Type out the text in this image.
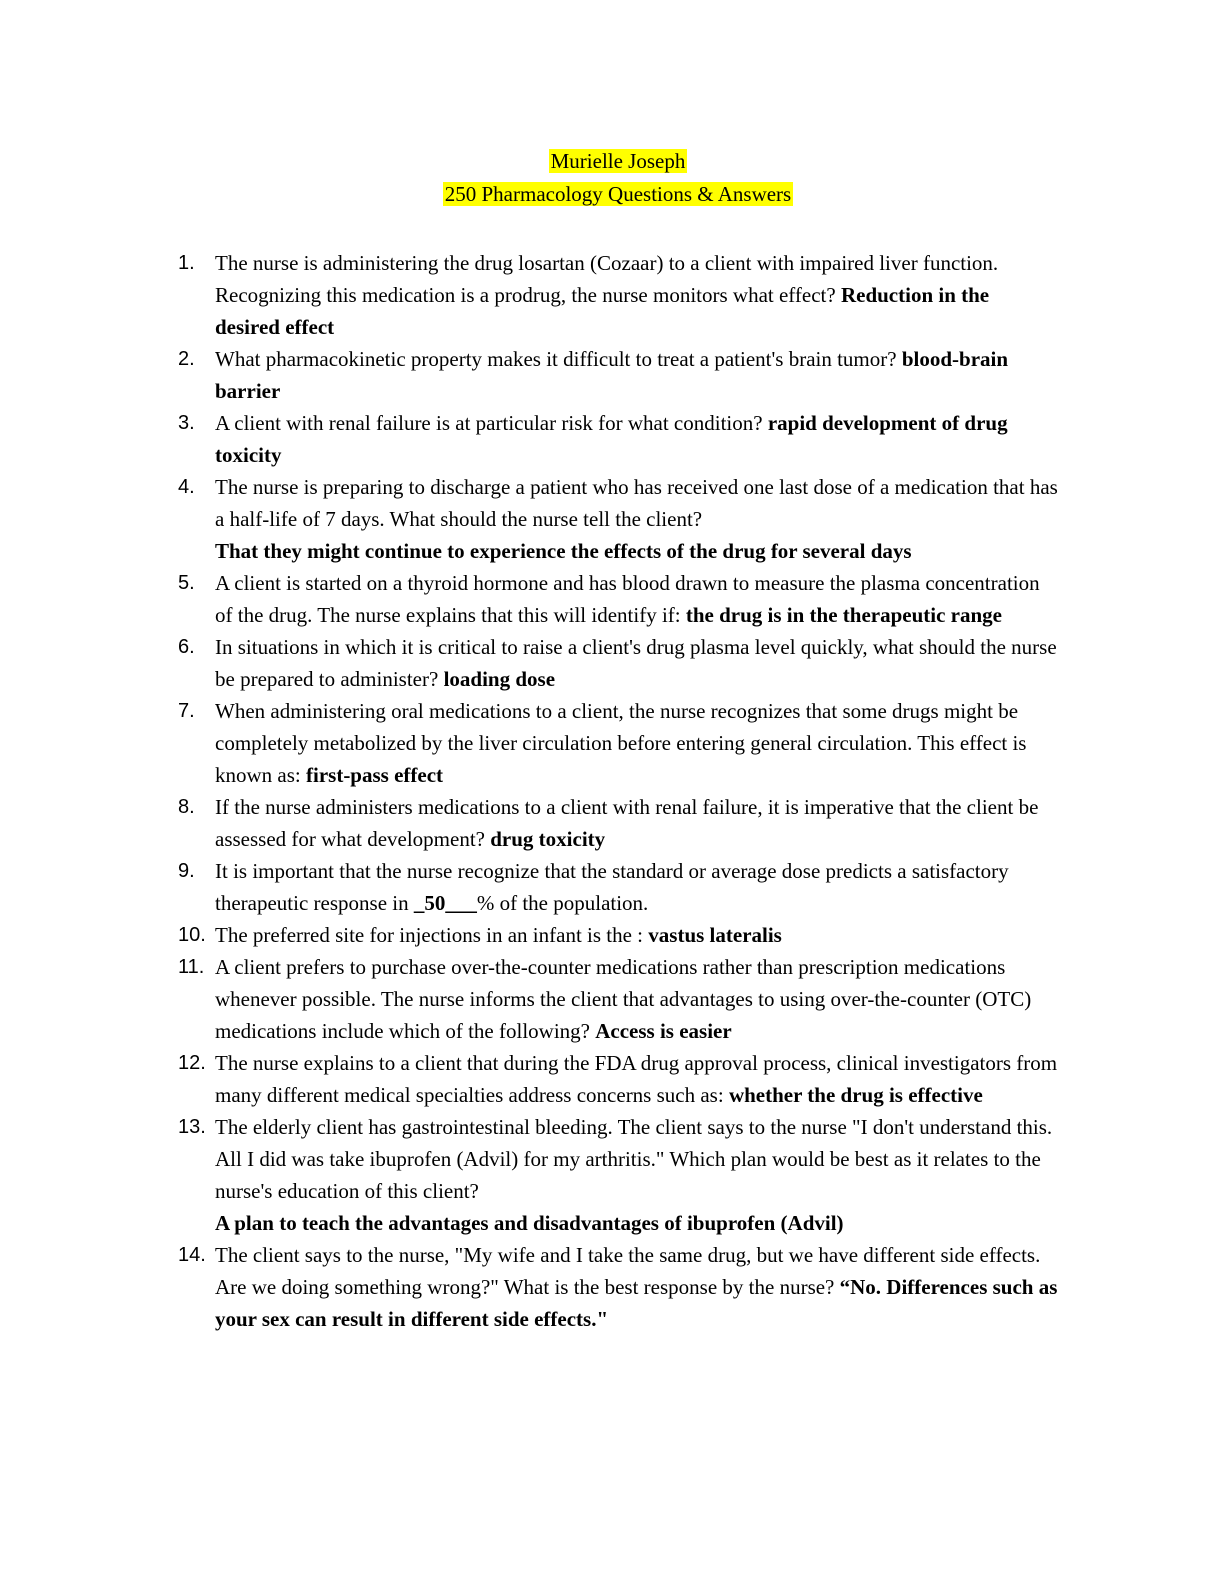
Murielle Joseph
250 Pharmacology Questions & Answers
1. The nurse is administering the drug losartan (Cozaar) to a client with impaired liver function. Recognizing this medication is a prodrug, the nurse monitors what effect? Reduction in the desired effect
2. What pharmacokinetic property makes it difficult to treat a patient's brain tumor? blood-brain barrier
3. A client with renal failure is at particular risk for what condition? rapid development of drug toxicity
4. The nurse is preparing to discharge a patient who has received one last dose of a medication that has a half-life of 7 days. What should the nurse tell the client?
That they might continue to experience the effects of the drug for several days
5. A client is started on a thyroid hormone and has blood drawn to measure the plasma concentration of the drug. The nurse explains that this will identify if: the drug is in the therapeutic range
6. In situations in which it is critical to raise a client's drug plasma level quickly, what should the nurse be prepared to administer? loading dose
7. When administering oral medications to a client, the nurse recognizes that some drugs might be completely metabolized by the liver circulation before entering general circulation. This effect is known as: first-pass effect
8. If the nurse administers medications to a client with renal failure, it is imperative that the client be assessed for what development? drug toxicity
9. It is important that the nurse recognize that the standard or average dose predicts a satisfactory therapeutic response in _50___% of the population.
10. The preferred site for injections in an infant is the : vastus lateralis
11. A client prefers to purchase over-the-counter medications rather than prescription medications whenever possible. The nurse informs the client that advantages to using over-the-counter (OTC) medications include which of the following? Access is easier
12. The nurse explains to a client that during the FDA drug approval process, clinical investigators from many different medical specialties address concerns such as: whether the drug is effective
13. The elderly client has gastrointestinal bleeding. The client says to the nurse "I don't understand this. All I did was take ibuprofen (Advil) for my arthritis." Which plan would be best as it relates to the nurse's education of this client?
A plan to teach the advantages and disadvantages of ibuprofen (Advil)
14. The client says to the nurse, "My wife and I take the same drug, but we have different side effects. Are we doing something wrong?" What is the best response by the nurse? “No. Differences such as your sex can result in different side effects."
